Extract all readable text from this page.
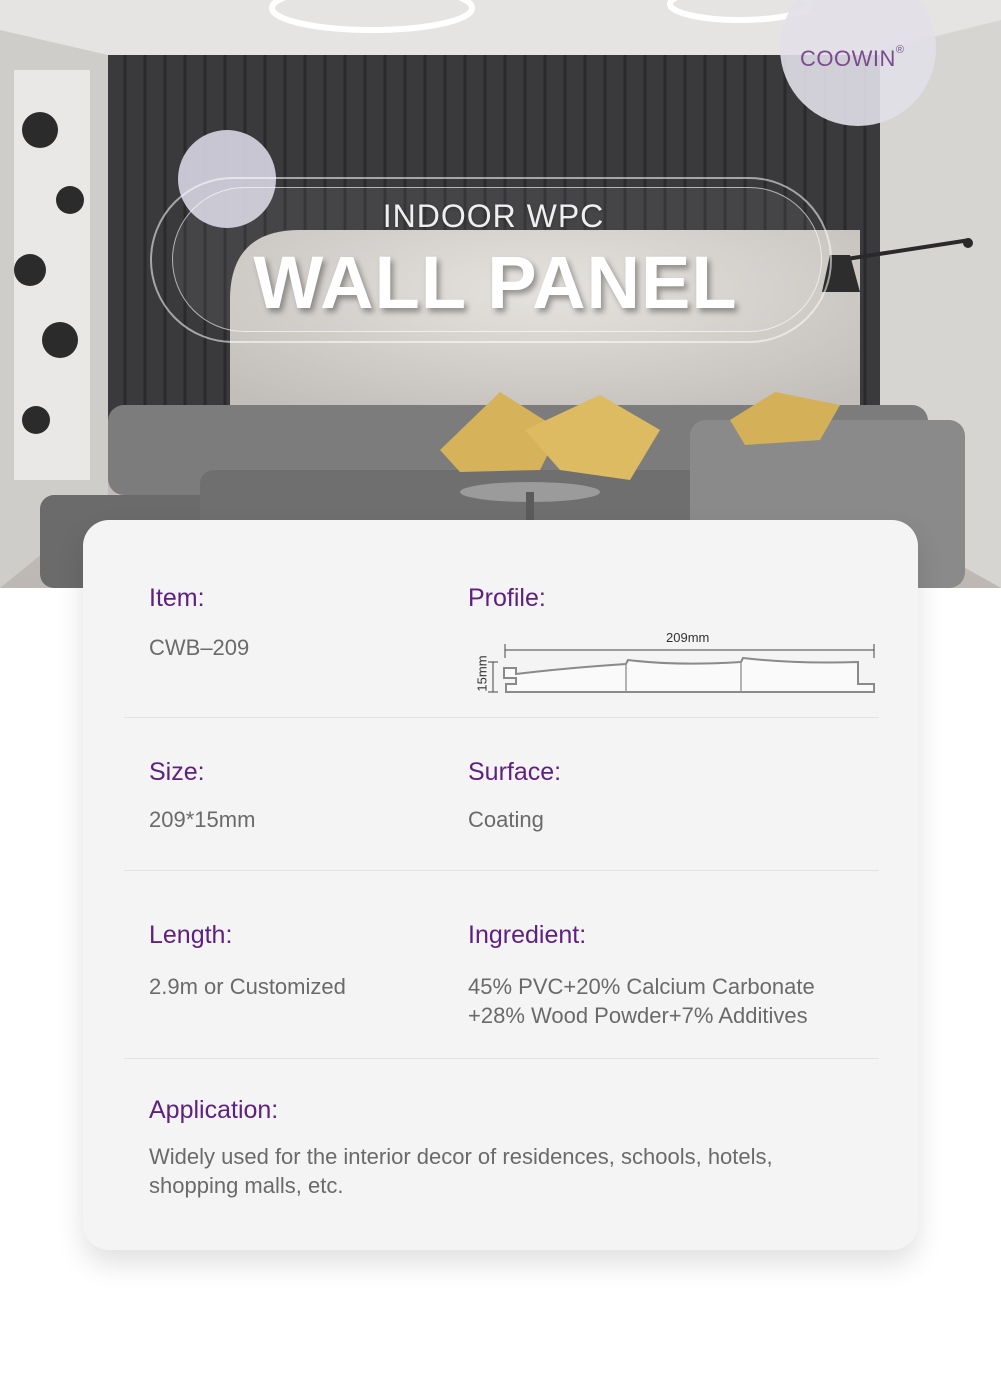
COOWIN®
INDOOR WPC
WALL PANEL
Item:
CWB–209
Profile:
209mm
15mm
Size:
209*15mm
Surface:
Coating
Length:
2.9m or Customized
Ingredient:
45% PVC+20% Calcium Carbonate
+28% Wood Powder+7% Additives
Application:
Widely used for the interior decor of residences, schools, hotels,
shopping malls, etc.
